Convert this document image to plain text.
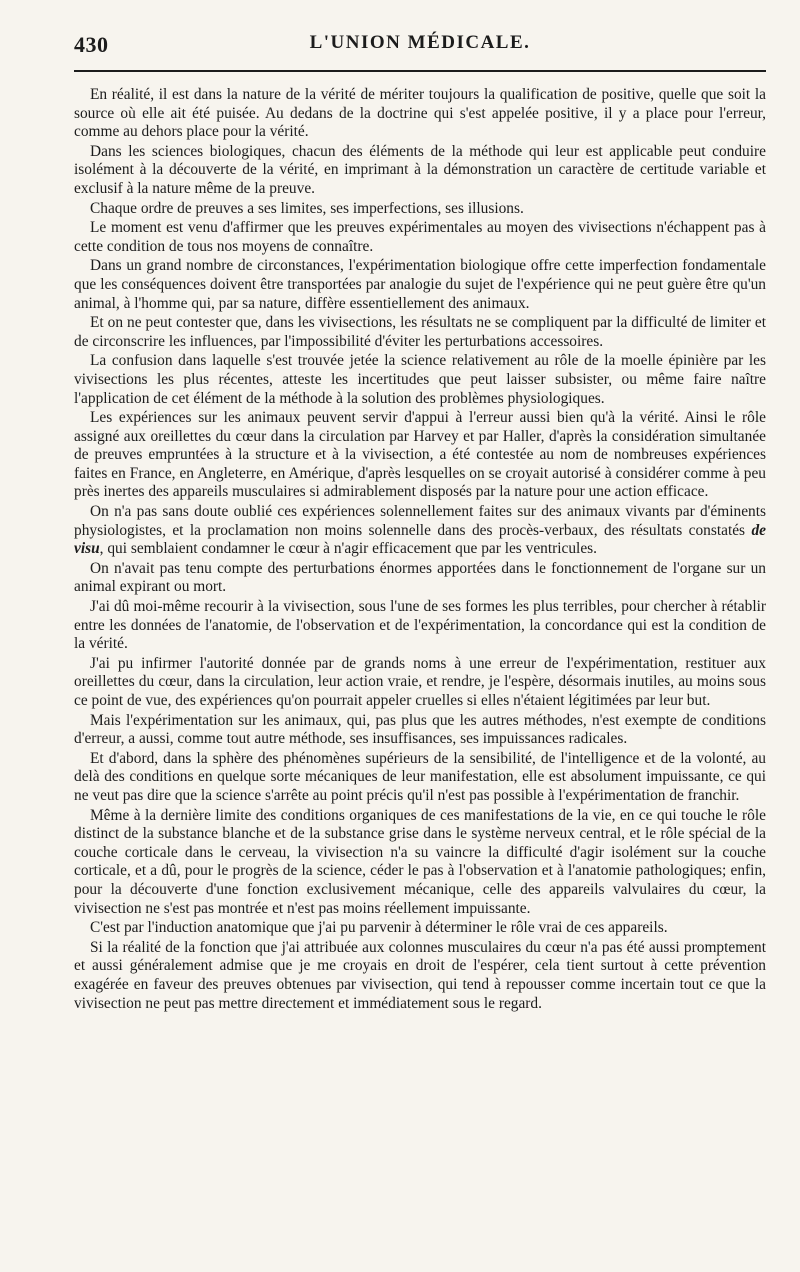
430	L'UNION MÉDICALE.

En réalité, il est dans la nature de la vérité de mériter toujours la qualification de positive, quelle que soit la source où elle ait été puisée. Au dedans de la doctrine qui s'est appelée positive, il y a place pour l'erreur, comme au dehors place pour la vérité.

Dans les sciences biologiques, chacun des éléments de la méthode qui leur est applicable peut conduire isolément à la découverte de la vérité, en imprimant à la démonstration un caractère de certitude variable et exclusif à la nature même de la preuve.

Chaque ordre de preuves a ses limites, ses imperfections, ses illusions.

Le moment est venu d'affirmer que les preuves expérimentales au moyen des vivisections n'échappent pas à cette condition de tous nos moyens de connaître.

Dans un grand nombre de circonstances, l'expérimentation biologique offre cette imperfection fondamentale que les conséquences doivent être transportées par analogie du sujet de l'expérience qui ne peut guère être qu'un animal, à l'homme qui, par sa nature, diffère essentiellement des animaux.

Et on ne peut contester que, dans les vivisections, les résultats ne se compliquent par la difficulté de limiter et de circonscrire les influences, par l'impossibilité d'éviter les perturbations accessoires.

La confusion dans laquelle s'est trouvée jetée la science relativement au rôle de la moelle épinière par les vivisections les plus récentes, atteste les incertitudes que peut laisser subsister, ou même faire naître l'application de cet élément de la méthode à la solution des problèmes physiologiques.

Les expériences sur les animaux peuvent servir d'appui à l'erreur aussi bien qu'à la vérité. Ainsi le rôle assigné aux oreillettes du cœur dans la circulation par Harvey et par Haller, d'après la considération simultanée de preuves empruntées à la structure et à la vivisection, a été contestée au nom de nombreuses expériences faites en France, en Angleterre, en Amérique, d'après lesquelles on se croyait autorisé à considérer comme à peu près inertes des appareils musculaires si admirablement disposés par la nature pour une action efficace.

On n'a pas sans doute oublié ces expériences solennellement faites sur des animaux vivants par d'éminents physiologistes, et la proclamation non moins solennelle dans des procès-verbaux, des résultats constatés de visu, qui semblaient condamner le cœur à n'agir efficacement que par les ventricules.

On n'avait pas tenu compte des perturbations énormes apportées dans le fonctionnement de l'organe sur un animal expirant ou mort.

J'ai dû moi-même recourir à la vivisection, sous l'une de ses formes les plus terribles, pour chercher à rétablir entre les données de l'anatomie, de l'observation et de l'expérimentation, la concordance qui est la condition de la vérité.

J'ai pu infirmer l'autorité donnée par de grands noms à une erreur de l'expérimentation, restituer aux oreillettes du cœur, dans la circulation, leur action vraie, et rendre, je l'espère, désormais inutiles, au moins sous ce point de vue, des expériences qu'on pourrait appeler cruelles si elles n'étaient légitimées par leur but.

Mais l'expérimentation sur les animaux, qui, pas plus que les autres méthodes, n'est exempte de conditions d'erreur, a aussi, comme tout autre méthode, ses insuffisances, ses impuissances radicales.

Et d'abord, dans la sphère des phénomènes supérieurs de la sensibilité, de l'intelligence et de la volonté, au delà des conditions en quelque sorte mécaniques de leur manifestation, elle est absolument impuissante, ce qui ne veut pas dire que la science s'arrête au point précis qu'il n'est pas possible à l'expérimentation de franchir.

Même à la dernière limite des conditions organiques de ces manifestations de la vie, en ce qui touche le rôle distinct de la substance blanche et de la substance grise dans le système nerveux central, et le rôle spécial de la couche corticale dans le cerveau, la vivisection n'a su vaincre la difficulté d'agir isolément sur la couche corticale, et a dû, pour le progrès de la science, céder le pas à l'observation et à l'anatomie pathologiques; enfin, pour la découverte d'une fonction exclusivement mécanique, celle des appareils valvulaires du cœur, la vivisection ne s'est pas montrée et n'est pas moins réellement impuissante.

C'est par l'induction anatomique que j'ai pu parvenir à déterminer le rôle vrai de ces appareils.

Si la réalité de la fonction que j'ai attribuée aux colonnes musculaires du cœur n'a pas été aussi promptement et aussi généralement admise que je me croyais en droit de l'espérer, cela tient surtout à cette prévention exagérée en faveur des preuves obtenues par vivisection, qui tend à repousser comme incertain tout ce que la vivisection ne peut pas mettre directement et immédiatement sous le regard.
